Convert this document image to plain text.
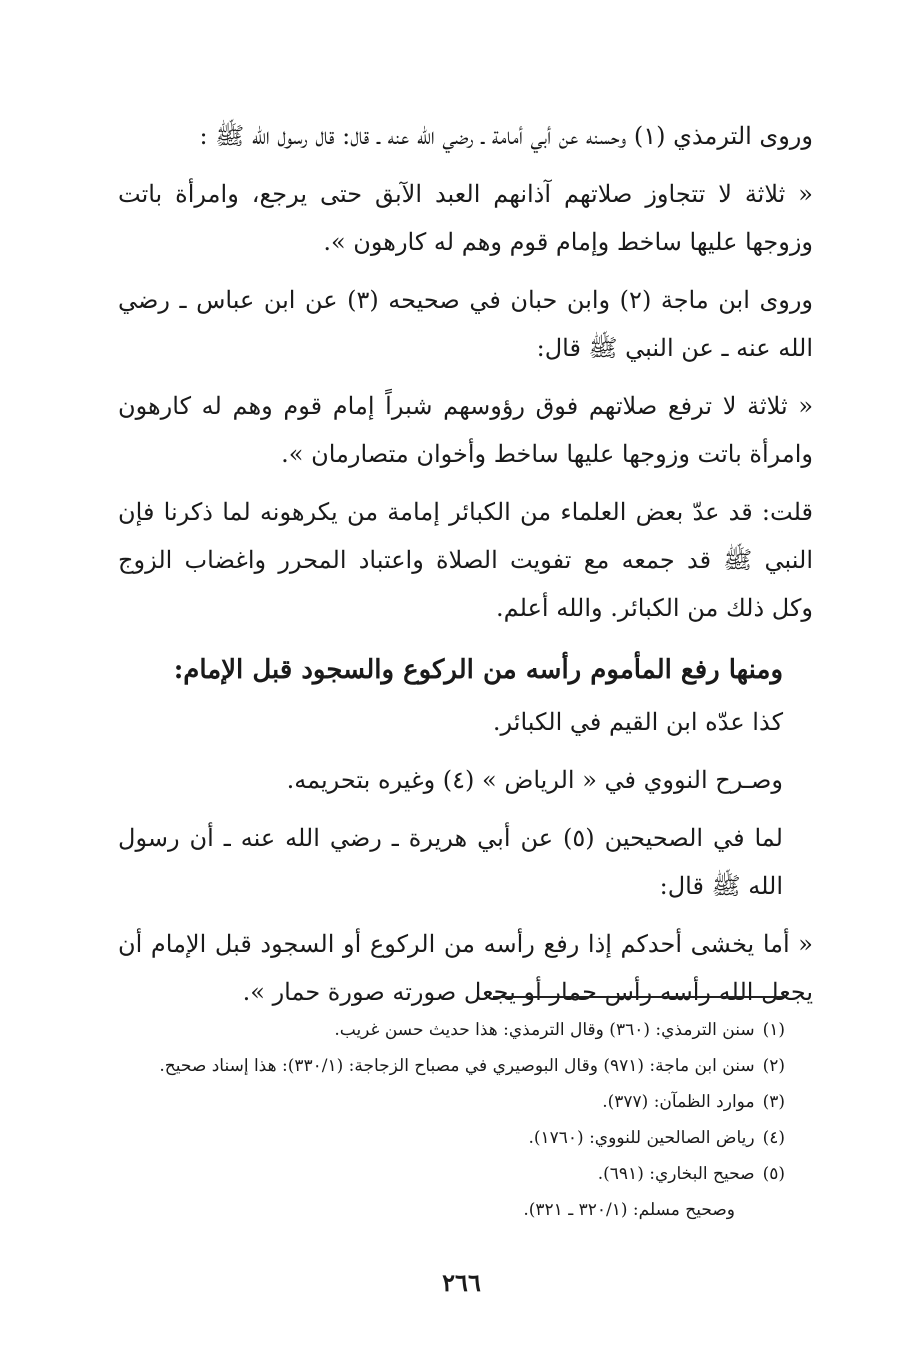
وروى الترمذي (١) وحسنه عن أبي أمامة ـ رضي الله عنه ـ قال: قال رسول الله ﷺ :

« ثلاثة لا تتجاوز صلاتهم آذانهم العبد الآبق حتى يرجع، وامرأة باتت وزوجها عليها ساخط وإمام قوم وهم له كارهون ».

وروى ابن ماجة (٢) وابن حبان في صحيحه (٣) عن ابن عباس ـ رضي الله عنه ـ عن النبي ﷺ قال:

« ثلاثة لا ترفع صلاتهم فوق رؤوسهم شبراً إمام قوم وهم له كارهون وامرأة باتت وزوجها عليها ساخط وأخوان متصارمان ».

قلت: قد عدّ بعض العلماء من الكبائر إمامة من يكرهونه لما ذكرنا فإن النبي ﷺ قد جمعه مع تفويت الصلاة واعتباد المحرر واغضاب الزوج وكل ذلك من الكبائر. والله أعلم.

ومنها رفع المأموم رأسه من الركوع والسجود قبل الإمام:

كذا عدّه ابن القيم في الكبائر.

وصـرح النووي في « الرياض » (٤) وغيره بتحريمه.

لما في الصحيحين (٥) عن أبي هريرة ـ رضي الله عنه ـ أن رسول الله ﷺ قال:

« أما يخشى أحدكم إذا رفع رأسه من الركوع أو السجود قبل الإمام أن يجعل الله رأسه رأس حمار أو يجعل صورته صورة حمار ».

(١)سنن الترمذي: (٣٦٠) وقال الترمذي: هذا حديث حسن غريب.

(٢)سنن ابن ماجة: (٩٧١) وقال البوصيري في مصباح الزجاجة: (٣٣٠/١): هذا إسناد صحيح.

(٣)موارد الظمآن: (٣٧٧).

(٤)رياض الصالحين للنووي: (١٧٦٠).

(٥)صحيح البخاري: (٦٩١).

وصحيح مسلم: (٣٢٠/١ ـ ٣٢١).

٢٦٦
